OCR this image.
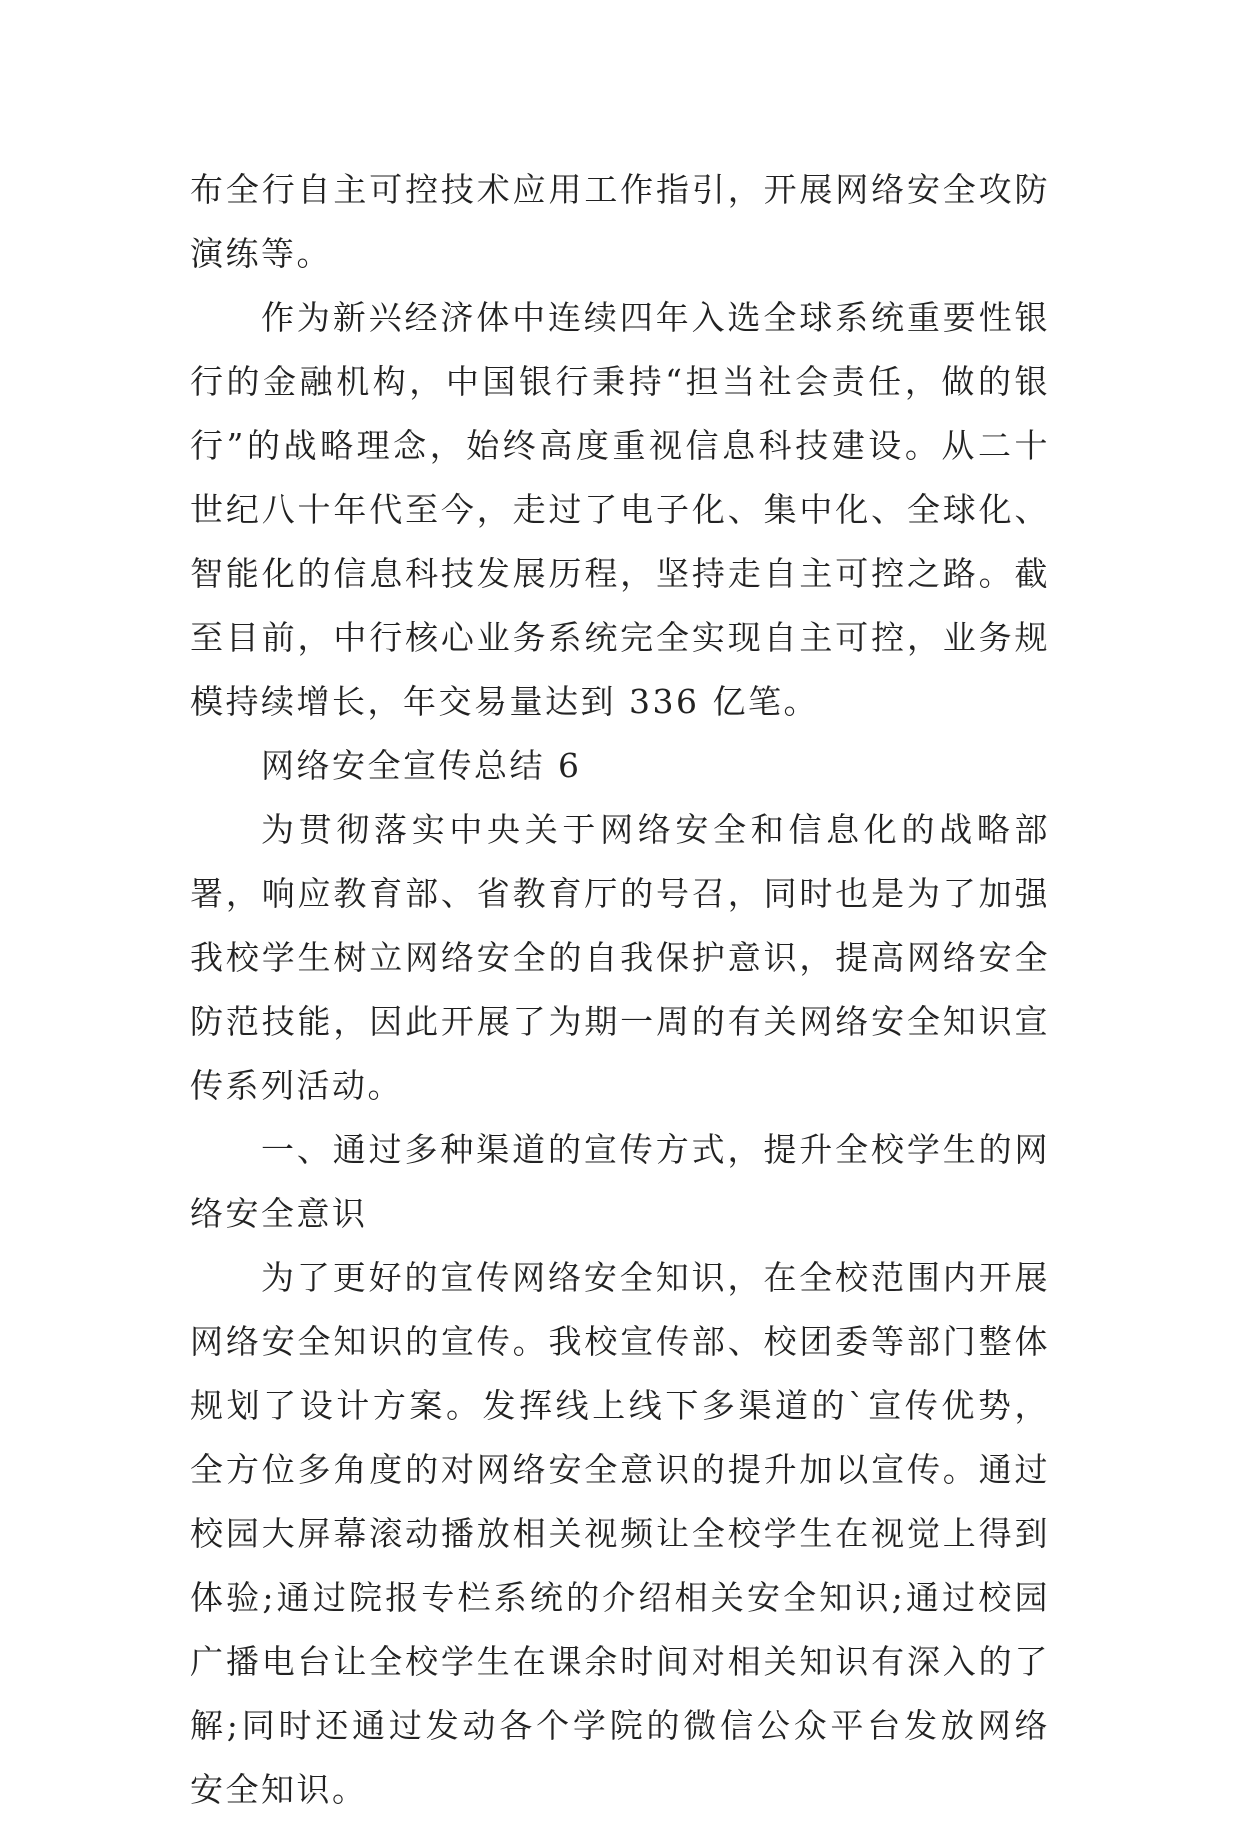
布全行自主可控技术应用工作指引，开展网络安全攻防演练等。

作为新兴经济体中连续四年入选全球系统重要性银行的金融机构，中国银行秉持“担当社会责任，做的银行”的战略理念，始终高度重视信息科技建设。从二十世纪八十年代至今，走过了电子化、集中化、全球化、智能化的信息科技发展历程，坚持走自主可控之路。截至目前，中行核心业务系统完全实现自主可控，业务规模持续增长，年交易量达到 336 亿笔。

网络安全宣传总结 6

为贯彻落实中央关于网络安全和信息化的战略部署，响应教育部、省教育厅的号召，同时也是为了加强我校学生树立网络安全的自我保护意识，提高网络安全防范技能，因此开展了为期一周的有关网络安全知识宣传系列活动。

一、通过多种渠道的宣传方式，提升全校学生的网络安全意识

为了更好的宣传网络安全知识，在全校范围内开展网络安全知识的宣传。我校宣传部、校团委等部门整体规划了设计方案。发挥线上线下多渠道的`宣传优势，全方位多角度的对网络安全意识的提升加以宣传。通过校园大屏幕滚动播放相关视频让全校学生在视觉上得到体验;通过院报专栏系统的介绍相关安全知识;通过校园广播电台让全校学生在课余时间对相关知识有深入的了解;同时还通过发动各个学院的微信公众平台发放网络安全知识。
